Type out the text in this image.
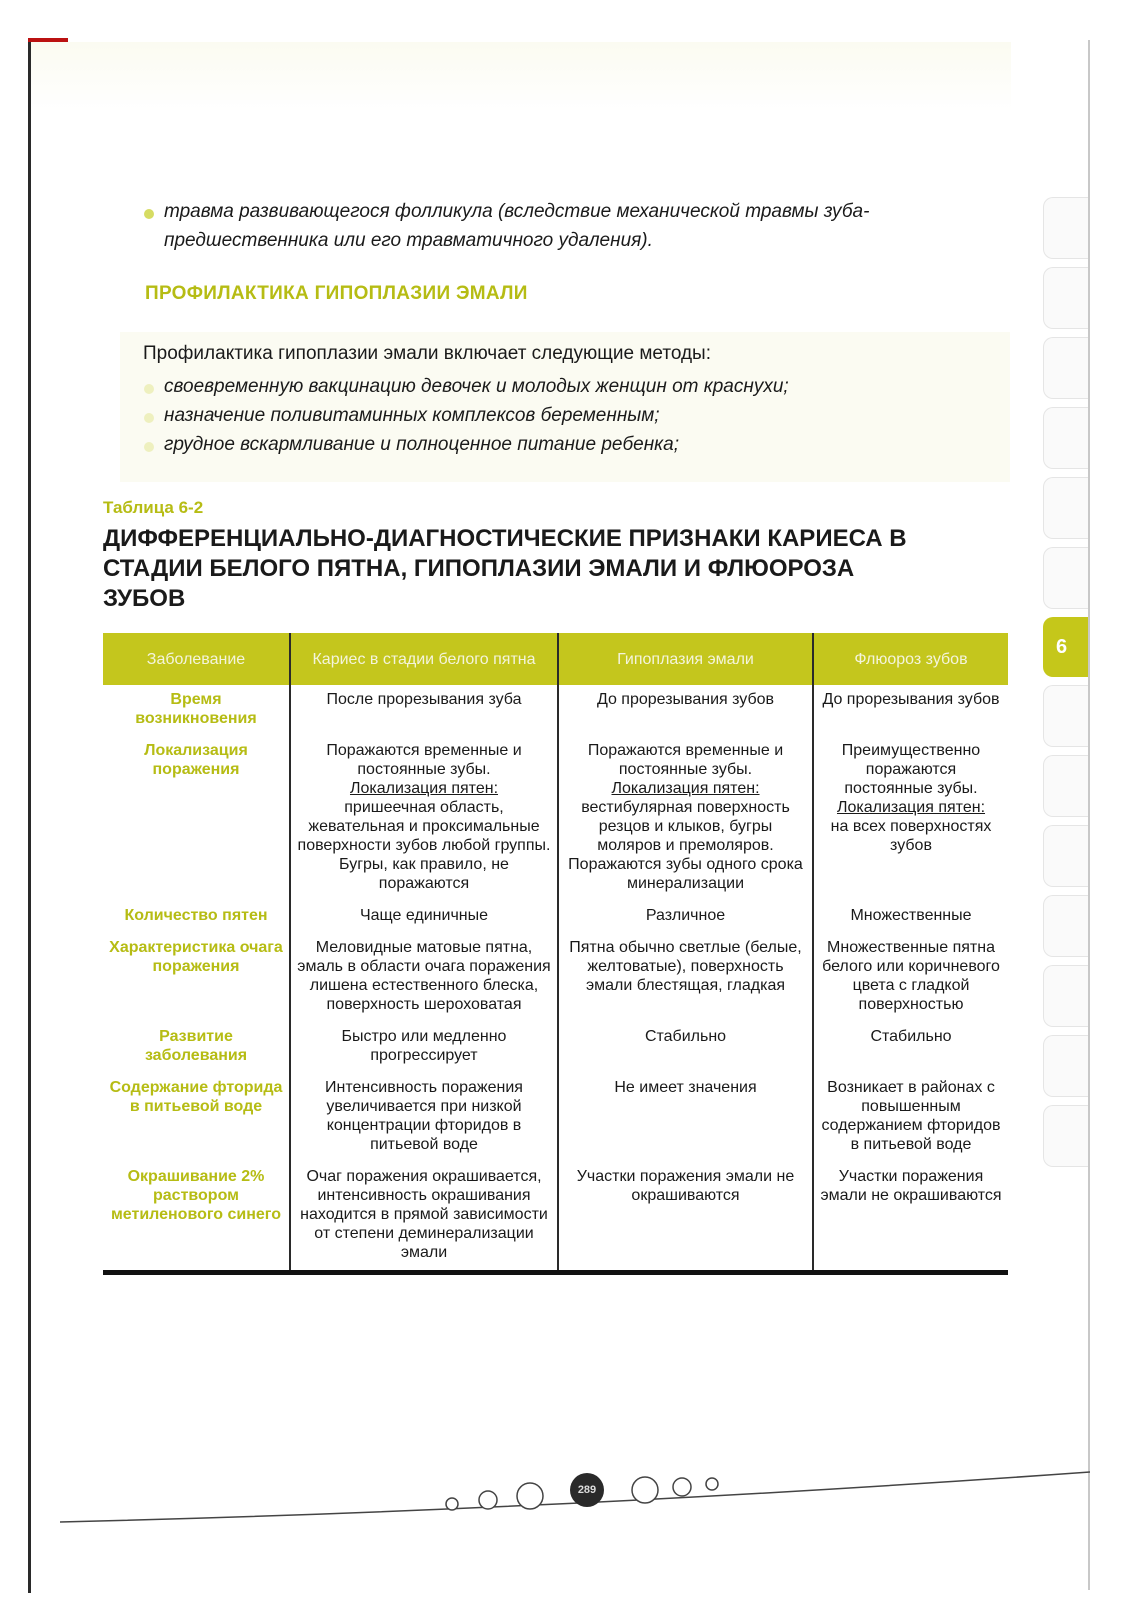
6
травма развивающегося фолликула (вследствие механической травмы зуба-предшественника или его травматичного удаления).
ПРОФИЛАКТИКА ГИПОПЛАЗИИ ЭМАЛИ
Профилактика гипоплазии эмали включает следующие методы:
своевременную вакцинацию девочек и молодых женщин от краснухи;
назначение поливитаминных комплексов беременным;
грудное вскармливание и полноценное питание ребенка;
Таблица 6-2
ДИФФЕРЕНЦИАЛЬНО-ДИАГНОСТИЧЕСКИЕ ПРИЗНАКИ КАРИЕСА В СТАДИИ БЕЛОГО ПЯТНА, ГИПОПЛАЗИИ ЭМАЛИ И ФЛЮОРОЗА ЗУБОВ
Заболевание	Кариес в стадии белого пятна	Гипоплазия эмали	Флюороз зубов
Время возникновения	После прорезывания зуба	До прорезывания зубов	До прорезывания зубов
Локализация поражения	Поражаются временные и постоянные зубы.
Локализация пятен:
пришеечная область, жевательная и проксимальные поверхности зубов любой группы. Бугры, как правило, не поражаются	Поражаются временные и постоянные зубы.
Локализация пятен:
вестибулярная поверхность резцов и клыков, бугры моляров и премоляров. Поражаются зубы одного срока минерализации	Преимущественно поражаются постоянные зубы.
Локализация пятен:
на всех поверхностях зубов
Количество пятен	Чаще единичные	Различное	Множественные
Характеристика очага поражения	Меловидные матовые пятна, эмаль в области очага поражения лишена естественного блеска, поверхность шероховатая	Пятна обычно светлые (белые, желтоватые), поверхность эмали блестящая, гладкая	Множественные пятна белого или коричневого цвета с гладкой поверхностью
Развитие заболевания	Быстро или медленно прогрессирует	Стабильно	Стабильно
Содержание фторида в питьевой воде	Интенсивность поражения увеличивается при низкой концентрации фторидов в питьевой воде	Не имеет значения	Возникает в районах с повышенным содержанием фторидов в питьевой воде
Окрашивание 2% раствором метиленового синего	Очаг поражения окрашивается, интенсивность окрашивания находится в прямой зависимости от степени деминерализации эмали	Участки поражения эмали не окрашиваются	Участки поражения эмали не окрашиваются
289
